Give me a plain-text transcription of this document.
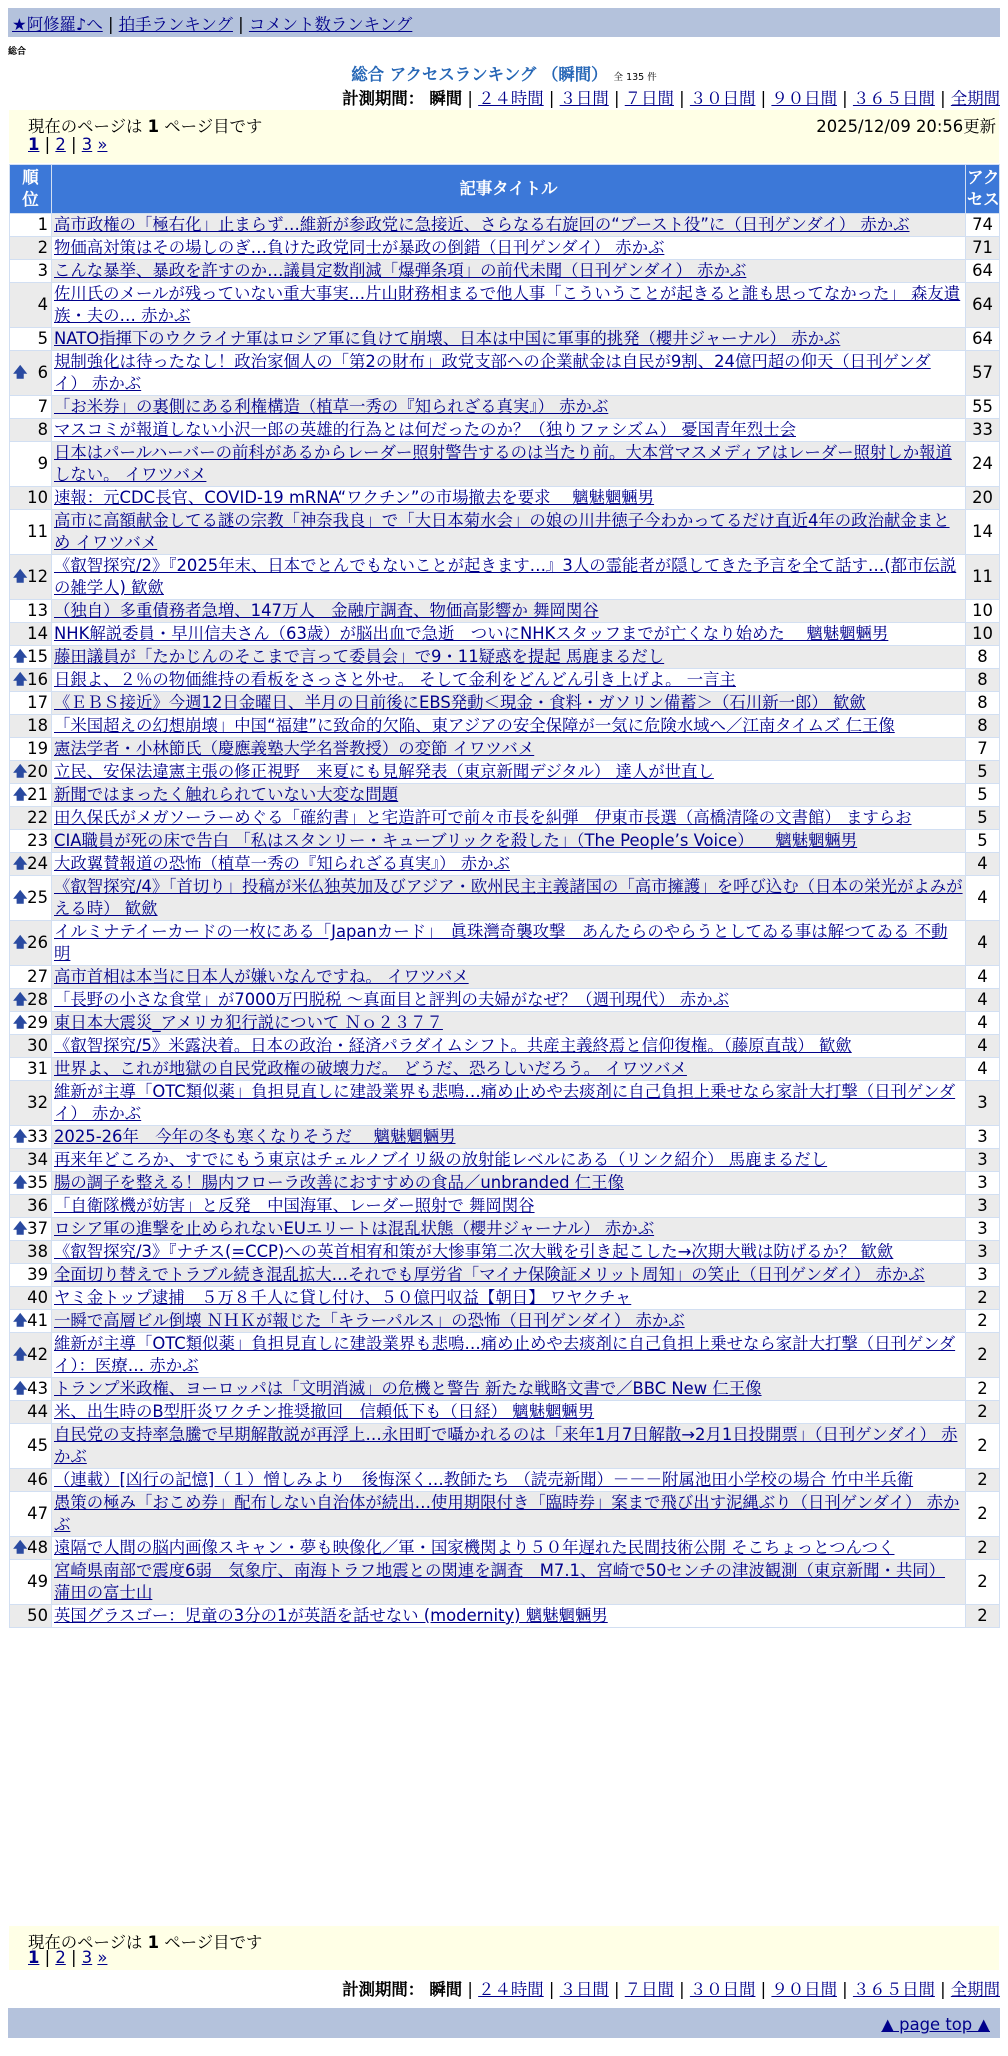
★阿修羅♪へ | 拍手ランキング | コメント数ランキング
総合
総合 アクセスランキング （瞬間） 全 135 件
計測期間： 瞬間 | ２４時間 | ３日間 | ７日間 | ３０日間 | ９０日間 | ３６５日間 | 全期間
現在のページは 1 ページ目です	2025/12/09 20:56更新
1 | 2 | 3 »
順位	記事タイトル	アクセス
1	高市政権の「極右化」止まらず…維新が参政党に急接近、さらなる右旋回の“ブースト役”に（日刊ゲンダイ） 赤かぶ	74
2	物価高対策はその場しのぎ…負けた政党同士が暴政の倒錯（日刊ゲンダイ） 赤かぶ	71
3	こんな暴挙、暴政を許すのか…議員定数削減「爆弾条項」の前代未聞（日刊ゲンダイ） 赤かぶ	64
4	佐川氏のメールが残っていない重大事実…片山財務相まるで他人事「こういうことが起きると誰も思ってなかった」 森友遺族・夫の… 赤かぶ	64
5	NATO指揮下のウクライナ軍はロシア軍に負けて崩壊、日本は中国に軍事的挑発（櫻井ジャーナル） 赤かぶ	64

🡅 6	規制強化は待ったなし！政治家個人の「第2の財布」政党支部への企業献金は自民が9割、24億円超の仰天（日刊ゲンダイ） 赤かぶ	57
7	「お米券」の裏側にある利権構造（植草一秀の『知られざる真実』） 赤かぶ	55
8	マスコミが報道しない小沢一郎の英雄的行為とは何だったのか？（独りファシズム） 憂国青年烈士会	33
9	日本はパールハーバーの前科があるからレーダー照射警告するのは当たり前。大本営マスメディアはレーダー照射しか報道しない。 イワツバメ	24
10	速報：元CDC長官、COVID-19 mRNA“ワクチン”の市場撤去を要求 　魑魅魍魎男	20
11	高市に高額献金してる謎の宗教「神奈我良」で「大日本菊水会」の娘の川井徳子今わかってるだけ直近4年の政治献金まとめ イワツバメ	14

🡅 12	《叡智探究/2》『2025年末、日本でとんでもないことが起きます…』3人の霊能者が隠してきた予言を全て話す…(都市伝説の雑学人) 歓歛	11
13	（独自）多重債務者急増、147万人　金融庁調査、物価高影響か 舞岡関谷	10
14	NHK解説委員・早川信夫さん（63歳）が脳出血で急逝　ついにNHKスタッフまでが亡くなり始めた 　魑魅魍魎男	10

🡅 15	藤田議員が「たかじんのそこまで言って委員会」で9・11疑惑を提起 馬鹿まるだし	8

🡅 16	日銀よ、２％の物価維持の看板をさっさと外せ。 そして金利をどんどん引き上げよ。 一言主	8
17	《ＥＢＳ接近》今週12日金曜日、半月の日前後にEBS発動＜現金・食料・ガソリン備蓄＞（石川新一郎） 歓歛	8
18	「米国超えの幻想崩壊」中国“福建”に致命的欠陥、東アジアの安全保障が一気に危険水域へ／江南タイムズ 仁王像	8
19	憲法学者・小林節氏（慶應義塾大学名誉教授）の変節 イワツバメ	7

🡅 20	立民、安保法違憲主張の修正視野　来夏にも見解発表（東京新聞デジタル） 達人が世直し	5

🡅 21	新聞ではまったく触れられていない大変な問題	5
22	田久保氏がメガソーラーめぐる「確約書」と宅造許可で前々市長を糾弾　伊東市長選（高橋清隆の文書館） ますらお	5
23	CIA職員が死の床で告白 「私はスタンリー・キューブリックを殺した」（The People’s Voice） 　魑魅魍魎男	5

🡅 24	大政翼賛報道の恐怖（植草一秀の『知られざる真実』） 赤かぶ	4

🡅 25	《叡智探究/4》「首切り」投稿が米仏独英加及びアジア・欧州民主主義諸国の「高市擁護」を呼び込む（日本の栄光がよみがえる時） 歓歛	4

🡅 26	イルミナテイーカードの一枚にある「Japanカード」　眞珠灣奇襲攻撃　あんたらのやらうとしてゐる事は解つてゐる 不動明	4
27	高市首相は本当に日本人が嫌いなんですね。 イワツバメ	4

🡅 28	「長野の小さな食堂」が7000万円脱税 〜真面目と評判の夫婦がなぜ？（週刊現代） 赤かぶ	4

🡅 29	東日本大震災_アメリカ犯行説について Ｎｏ２３７７	4
30	《叡智探究/5》米露決着。日本の政治・経済パラダイムシフト。共産主義終焉と信仰復権。（藤原直哉） 歓歛	4
31	世界よ、これが地獄の自民党政権の破壊力だ。 どうだ、恐ろしいだろう。 イワツバメ	4
32	維新が主導「OTC類似薬」負担見直しに建設業界も悲鳴…痛め止めや去痰剤に自己負担上乗せなら家計大打撃（日刊ゲンダイ） 赤かぶ	3

🡅 33	2025-26年　今年の冬も寒くなりそうだ 　魑魅魍魎男	3
34	再来年どころか、すでにもう東京はチェルノブイリ級の放射能レベルにある（リンク紹介） 馬鹿まるだし	3

🡅 35	腸の調子を整える！腸内フローラ改善におすすめの食品／unbranded 仁王像	3
36	「自衛隊機が妨害」と反発　中国海軍、レーダー照射で 舞岡関谷	3

🡅 37	ロシア軍の進撃を止められないEUエリートは混乱状態（櫻井ジャーナル） 赤かぶ	3
38	《叡智探究/3》『ナチス(=CCP)への英首相宥和策が大惨事第二次大戦を引き起こした→次期大戦は防げるか？ 歓歛	3
39	全面切り替えでトラブル続き混乱拡大…それでも厚労省「マイナ保険証メリット周知」の笑止（日刊ゲンダイ） 赤かぶ	3
40	ヤミ金トップ逮捕　５万８千人に貸し付け、５０億円収益【朝日】 ワヤクチャ	2

🡅 41	一瞬で高層ビル倒壊 ＮＨＫが報じた「キラーパルス」の恐怖（日刊ゲンダイ） 赤かぶ	2

🡅 42	維新が主導「OTC類似薬」負担見直しに建設業界も悲鳴…痛め止めや去痰剤に自己負担上乗せなら家計大打撃（日刊ゲンダイ）：医療… 赤かぶ	2

🡅 43	トランプ米政権、ヨーロッパは「文明消滅」の危機と警告 新たな戦略文書で／BBC New 仁王像	2
44	米、出生時のB型肝炎ワクチン推奨撤回　信頼低下も（日経） 魑魅魍魎男	2
45	自民党の支持率急騰で早期解散説が再浮上…永田町で囁かれるのは「来年1月7日解散→2月1日投開票」（日刊ゲンダイ） 赤かぶ	2
46	（連載）[凶行の記憶]（１）憎しみより　後悔深く…教師たち （読売新聞）－－－附属池田小学校の場合 竹中半兵衛	2
47	愚策の極み「おこめ券」配布しない自治体が続出…使用期限付き「臨時券」案まで飛び出す泥縄ぶり（日刊ゲンダイ） 赤かぶ	2

🡅 48	遠隔で人間の脳内画像スキャン・夢も映像化／軍・国家機関より５０年遅れた民間技術公開 そこちょっとつんつく	2
49	宮崎県南部で震度6弱　気象庁、南海トラフ地震との関連を調査　M7.1、宮崎で50センチの津波観測（東京新聞・共同） 蒲田の富士山	2
50	英国グラスゴー：児童の3分の1が英語を話せない (modernity) 魑魅魍魎男	2
現在のページは 1 ページ目です
1 | 2 | 3 »
計測期間： 瞬間 | ２４時間 | ３日間 | ７日間 | ３０日間 | ９０日間 | ３６５日間 | 全期間
▲ page top ▲
